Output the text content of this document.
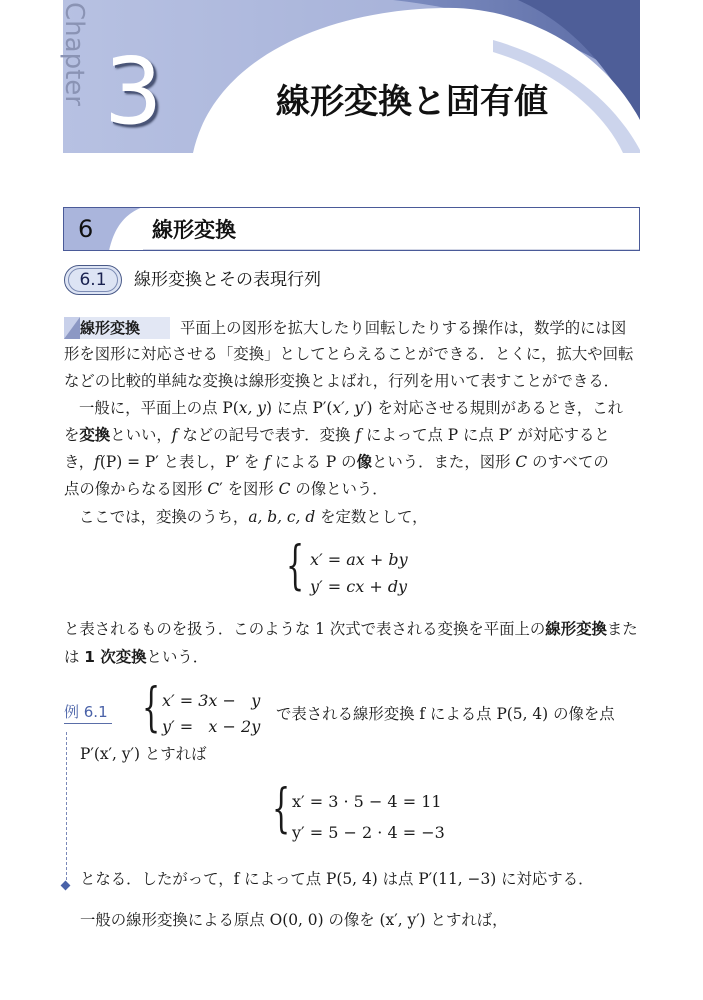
Chapter 3	線形変換と固有値
6	線形変換
6.1	線形変換とその表現行列
線形変換	平面上の図形を拡大したり回転したりする操作は，数学的には図
形を図形に対応させる「変換」としてとらえることができる．とくに，拡大や回転
などの比較的単純な変換は線形変換とよばれ，行列を用いて表すことができる．
一般に，平面上の点 P(x, y) に点 P′(x′, y′) を対応させる規則があるとき，これ
を変換といい，f などの記号で表す．変換 f によって点 P に点 P′ が対応すると
き，f(P) = P′ と表し，P′ を f による P の像という．また，図形 C のすべての
点の像からなる図形 C′ を図形 C の像という．
ここでは，変換のうち，a, b, c, d を定数として，
{ x′ = ax + by
y′ = cx + dy
と表されるものを扱う．このような 1 次式で表される変換を平面上の線形変換また
は 1 次変換という．
例 6.1 { x′ = 3x −   y
y′ =   x − 2y
で表される線形変換 f による点 P(5, 4) の像を点
P′(x′, y′) とすれば
{ x′ = 3 · 5 − 4 = 11
y′ = 5 − 2 · 4 = −3
となる．したがって，f によって点 P(5, 4) は点 P′(11, −3) に対応する．
一般の線形変換による原点 O(0, 0) の像を (x′, y′) とすれば，
